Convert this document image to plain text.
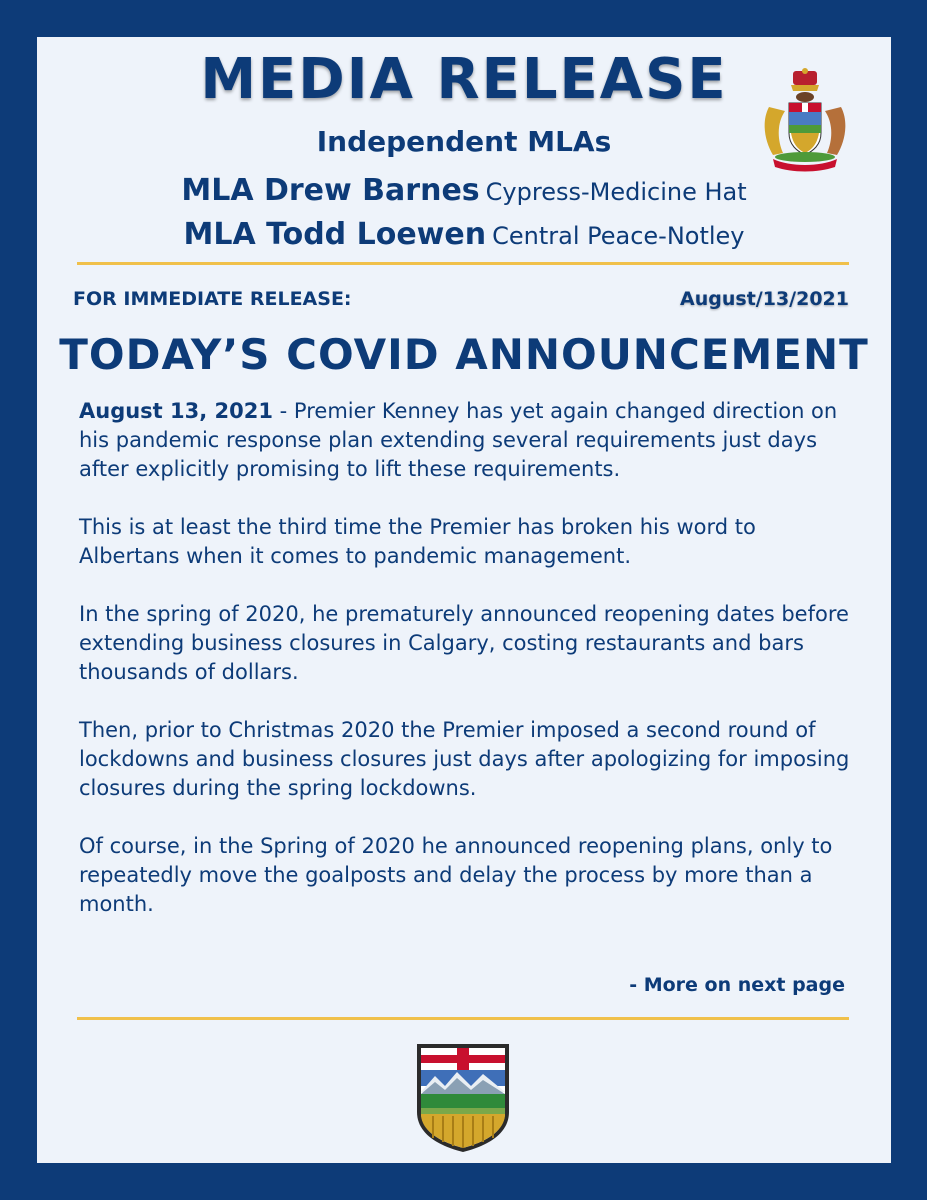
MEDIA RELEASE
Independent MLAs
MLA Drew Barnes Cypress-Medicine Hat
MLA Todd Loewen Central Peace-Notley
FOR IMMEDIATE RELEASE:	August/13/2021
TODAY’S COVID ANNOUNCEMENT

August 13, 2021 - Premier Kenney has yet again changed direction on his pandemic response plan extending several requirements just days after explicitly promising to lift these requirements.

This is at least the third time the Premier has broken his word to Albertans when it comes to pandemic management.

In the spring of 2020, he prematurely announced reopening dates before extending business closures in Calgary, costing restaurants and bars thousands of dollars.

Then, prior to Christmas 2020 the Premier imposed a second round of lockdowns and business closures just days after apologizing for imposing closures during the spring lockdowns.

Of course, in the Spring of 2020 he announced reopening plans, only to repeatedly move the goalposts and delay the process by more than a month.

- More on next page
